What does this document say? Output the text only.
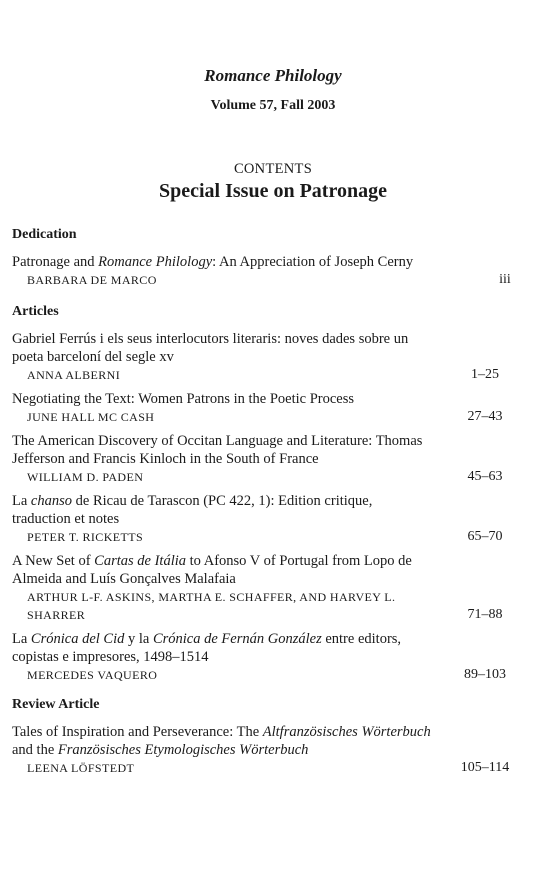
Romance Philology
Volume 57, Fall 2003
CONTENTS
Special Issue on Patronage
Dedication
Patronage and Romance Philology: An Appreciation of Joseph Cerny
BARBARA DE MARCO	iii
Articles
Gabriel Ferrús i els seus interlocutors literaris: noves dades sobre un poeta barceloní del segle xv
ANNA ALBERNI	1–25
Negotiating the Text: Women Patrons in the Poetic Process
JUNE HALL MC CASH	27–43
The American Discovery of Occitan Language and Literature: Thomas Jefferson and Francis Kinloch in the South of France
WILLIAM D. PADEN	45–63
La chanso de Ricau de Tarascon (PC 422, 1): Edition critique, traduction et notes
PETER T. RICKETTS	65–70
A New Set of Cartas de Itália to Afonso V of Portugal from Lopo de Almeida and Luís Gonçalves Malafaia
ARTHUR L-F. ASKINS, MARTHA E. SCHAFFER, AND HARVEY L. SHARRER	71–88
La Crónica del Cid y la Crónica de Fernán González entre editors, copistas e impresores, 1498–1514
MERCEDES VAQUERO	89–103
Review Article
Tales of Inspiration and Perseverance: The Altfranzösisches Wörterbuch and the Französisches Etymologisches Wörterbuch
LEENA LÖFSTEDT	105–114
